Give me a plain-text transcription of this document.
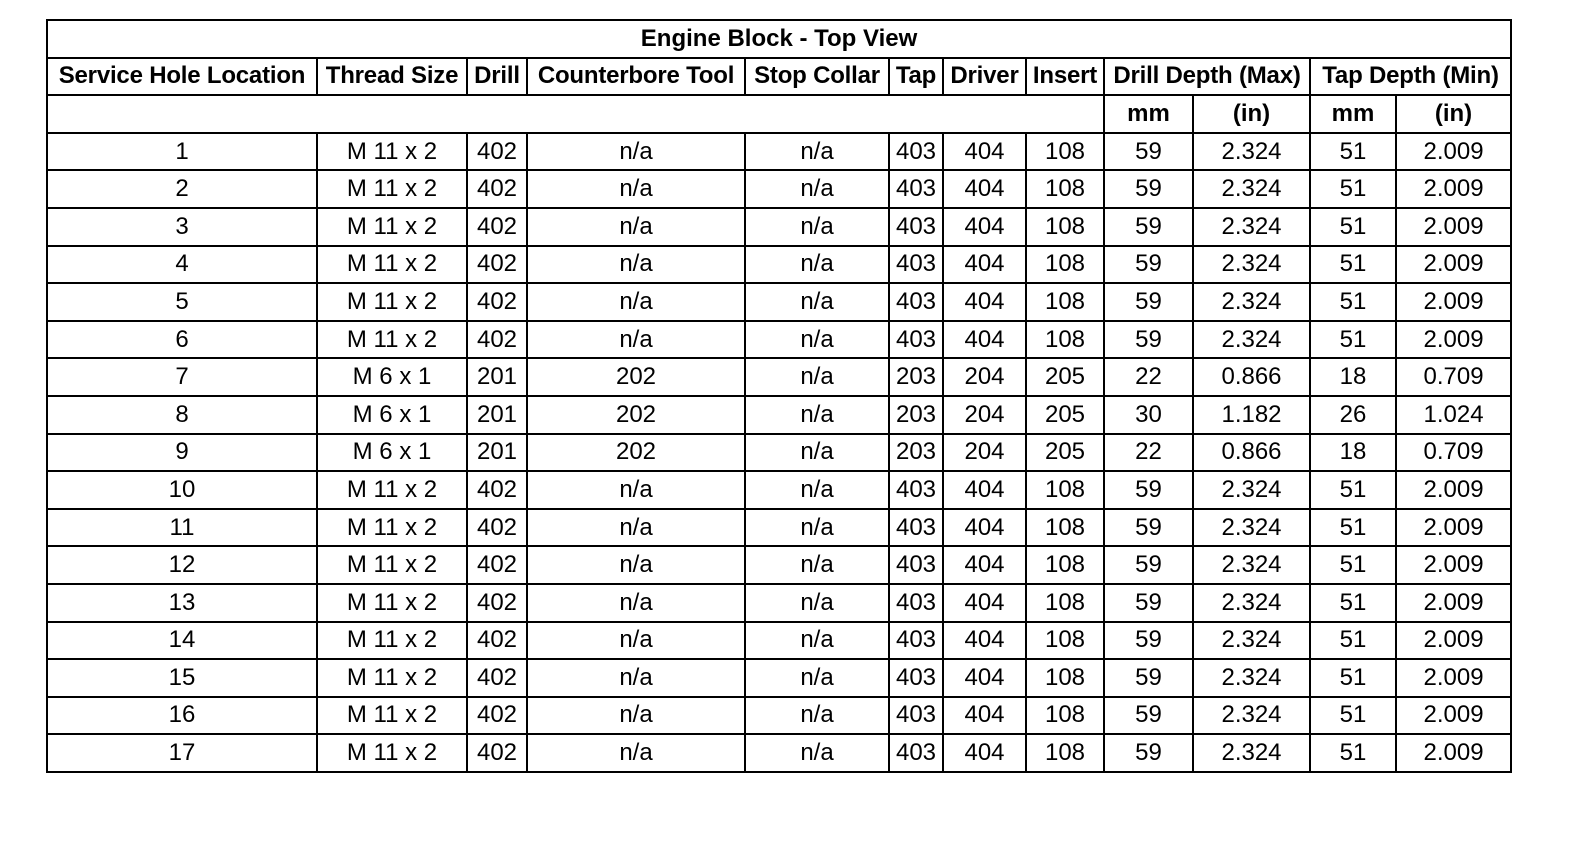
Engine Block - Top View											
Service Hole Location	Thread Size	Drill	Counterbore Tool	Stop Collar	Tap	Driver	Insert	Drill Depth (Max)		Tap Depth (Min)	
								mm	(in)	mm	(in)
1	M 11 x 2	402	n/a	n/a	403	404	108	59	2.324	51	2.009
2	M 11 x 2	402	n/a	n/a	403	404	108	59	2.324	51	2.009
3	M 11 x 2	402	n/a	n/a	403	404	108	59	2.324	51	2.009
4	M 11 x 2	402	n/a	n/a	403	404	108	59	2.324	51	2.009
5	M 11 x 2	402	n/a	n/a	403	404	108	59	2.324	51	2.009
6	M 11 x 2	402	n/a	n/a	403	404	108	59	2.324	51	2.009
7	M 6 x 1	201	202	n/a	203	204	205	22	0.866	18	0.709
8	M 6 x 1	201	202	n/a	203	204	205	30	1.182	26	1.024
9	M 6 x 1	201	202	n/a	203	204	205	22	0.866	18	0.709
10	M 11 x 2	402	n/a	n/a	403	404	108	59	2.324	51	2.009
11	M 11 x 2	402	n/a	n/a	403	404	108	59	2.324	51	2.009
12	M 11 x 2	402	n/a	n/a	403	404	108	59	2.324	51	2.009
13	M 11 x 2	402	n/a	n/a	403	404	108	59	2.324	51	2.009
14	M 11 x 2	402	n/a	n/a	403	404	108	59	2.324	51	2.009
15	M 11 x 2	402	n/a	n/a	403	404	108	59	2.324	51	2.009
16	M 11 x 2	402	n/a	n/a	403	404	108	59	2.324	51	2.009
17	M 11 x 2	402	n/a	n/a	403	404	108	59	2.324	51	2.009
